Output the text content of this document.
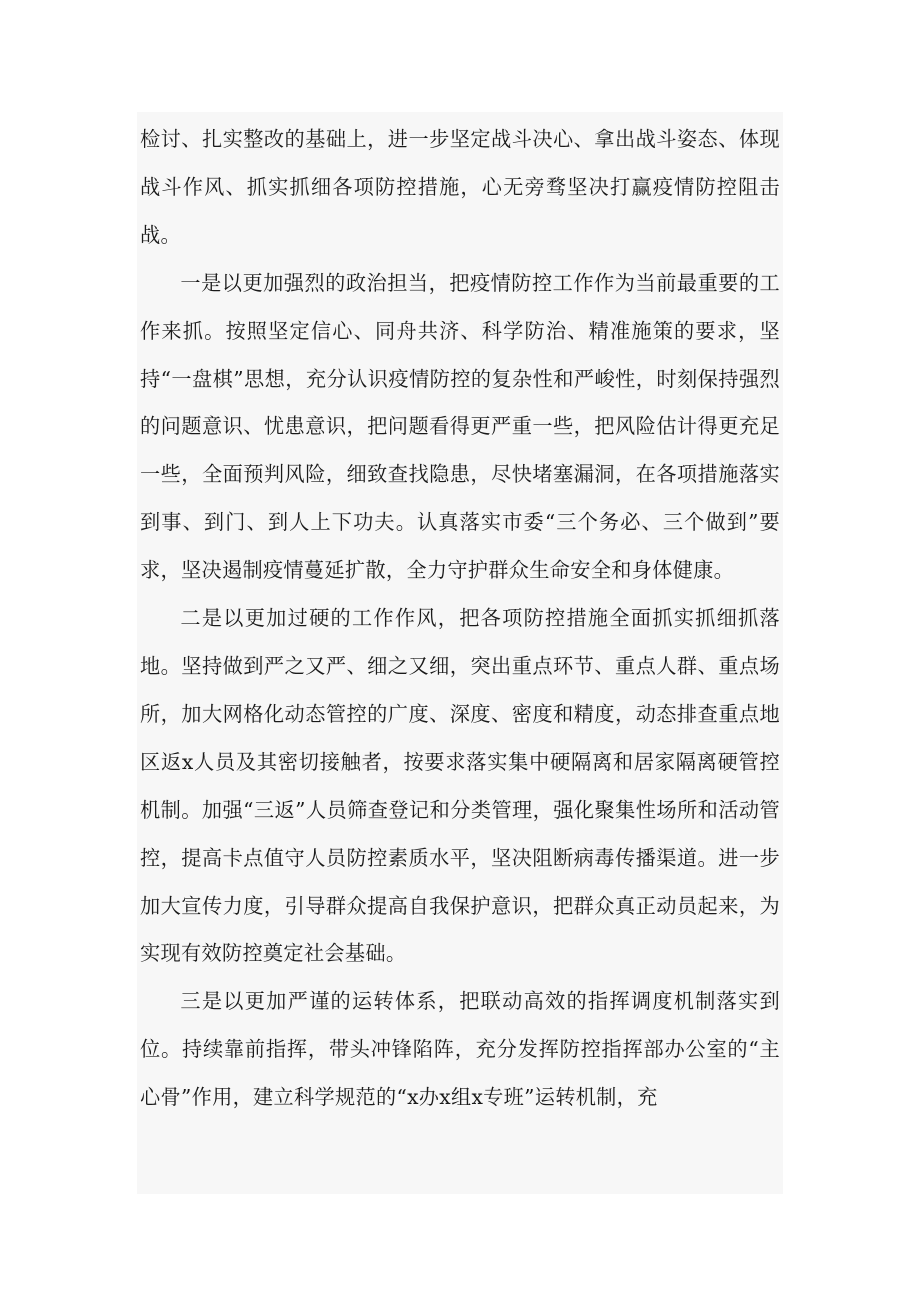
检讨、扎实整改的基础上，进一步坚定战斗决心、拿出战斗姿态、体现战斗作风、抓实抓细各项防控措施，心无旁骛坚决打赢疫情防控阻击战。

一是以更加强烈的政治担当，把疫情防控工作作为当前最重要的工作来抓。按照坚定信心、同舟共济、科学防治、精准施策的要求，坚持“一盘棋”思想，充分认识疫情防控的复杂性和严峻性，时刻保持强烈的问题意识、忧患意识，把问题看得更严重一些，把风险估计得更充足一些，全面预判风险，细致查找隐患，尽快堵塞漏洞，在各项措施落实到事、到门、到人上下功夫。认真落实市委“三个务必、三个做到”要求，坚决遏制疫情蔓延扩散，全力守护群众生命安全和身体健康。

二是以更加过硬的工作作风，把各项防控措施全面抓实抓细抓落地。坚持做到严之又严、细之又细，突出重点环节、重点人群、重点场所，加大网格化动态管控的广度、深度、密度和精度，动态排查重点地区返x人员及其密切接触者，按要求落实集中硬隔离和居家隔离硬管控机制。加强“三返”人员筛查登记和分类管理，强化聚集性场所和活动管控，提高卡点值守人员防控素质水平，坚决阻断病毒传播渠道。进一步加大宣传力度，引导群众提高自我保护意识，把群众真正动员起来，为实现有效防控奠定社会基础。

三是以更加严谨的运转体系，把联动高效的指挥调度机制落实到位。持续靠前指挥，带头冲锋陷阵，充分发挥防控指挥部办公室的“主心骨”作用，建立科学规范的“x办x组x专班”运转机制，充
